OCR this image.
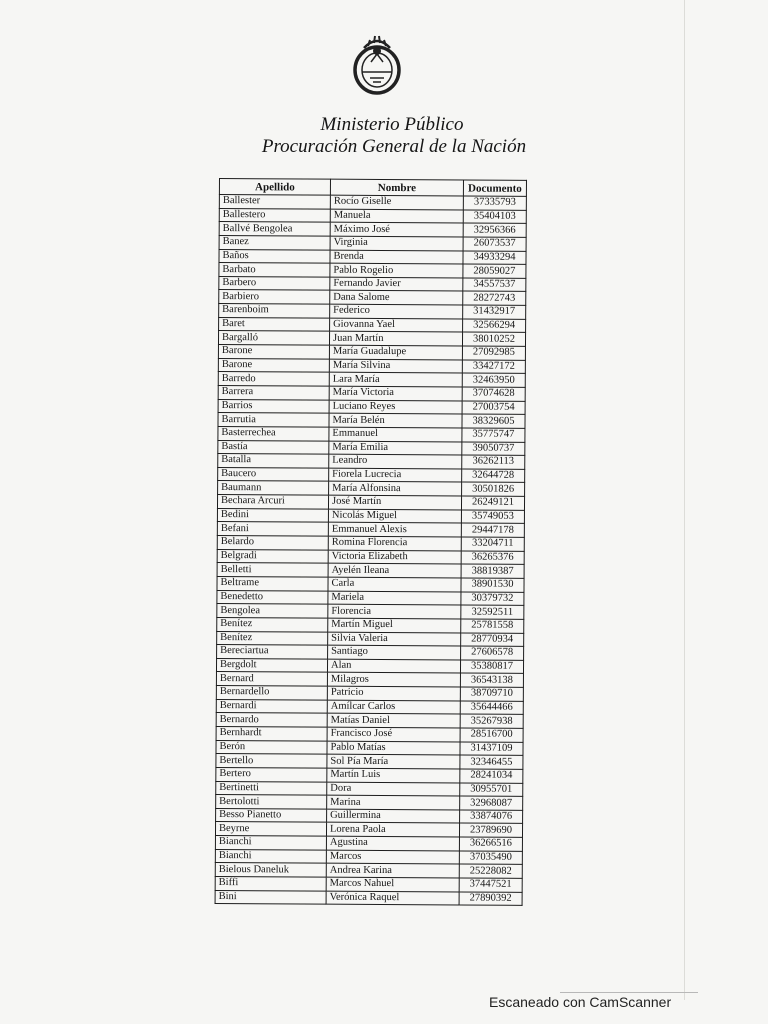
Ministerio Público
Procuración General de la Nación
Apellido	Nombre	Documento
Ballester	Rocío Giselle	37335793
Ballestero	Manuela	35404103
Ballvé Bengolea	Máximo José	32956366
Banez	Virginia	26073537
Baños	Brenda	34933294
Barbato	Pablo Rogelio	28059027
Barbero	Fernando Javier	34557537
Barbiero	Dana Salome	28272743
Barenboim	Federico	31432917
Baret	Giovanna Yael	32566294
Bargalló	Juan Martín	38010252
Barone	María Guadalupe	27092985
Barone	María Silvina	33427172
Barredo	Lara María	32463950
Barrera	María Victoria	37074628
Barrios	Luciano Reyes	27003754
Barrutia	María Belén	38329605
Basterrechea	Emmanuel	35775747
Bastía	María Emilia	39050737
Batalla	Leandro	36262113
Baucero	Fiorela Lucrecia	32644728
Baumann	María Alfonsina	30501826
Bechara Arcuri	José Martín	26249121
Bedini	Nicolás Miguel	35749053
Befani	Emmanuel Alexis	29447178
Belardo	Romina Florencia	33204711
Belgradi	Victoria Elizabeth	36265376
Belletti	Ayelén Ileana	38819387
Beltrame	Carla	38901530
Benedetto	Mariela	30379732
Bengolea	Florencia	32592511
Benítez	Martín Miguel	25781558
Benítez	Silvia Valeria	28770934
Bereciartua	Santiago	27606578
Bergdolt	Alan	35380817
Bernard	Milagros	36543138
Bernardello	Patricio	38709710
Bernardi	Amílcar Carlos	35644466
Bernardo	Matías Daniel	35267938
Bernhardt	Francisco José	28516700
Berón	Pablo Matías	31437109
Bertello	Sol Pía María	32346455
Bertero	Martín Luis	28241034
Bertinetti	Dora	30955701
Bertolotti	Marina	32968087
Besso Pianetto	Guillermina	33874076
Beyrne	Lorena Paola	23789690
Bianchi	Agustina	36266516
Bianchi	Marcos	37035490
Bielous Daneluk	Andrea Karina	25228082
Biffi	Marcos Nahuel	37447521
Bini	Verónica Raquel	27890392
Escaneado con CamScanner
